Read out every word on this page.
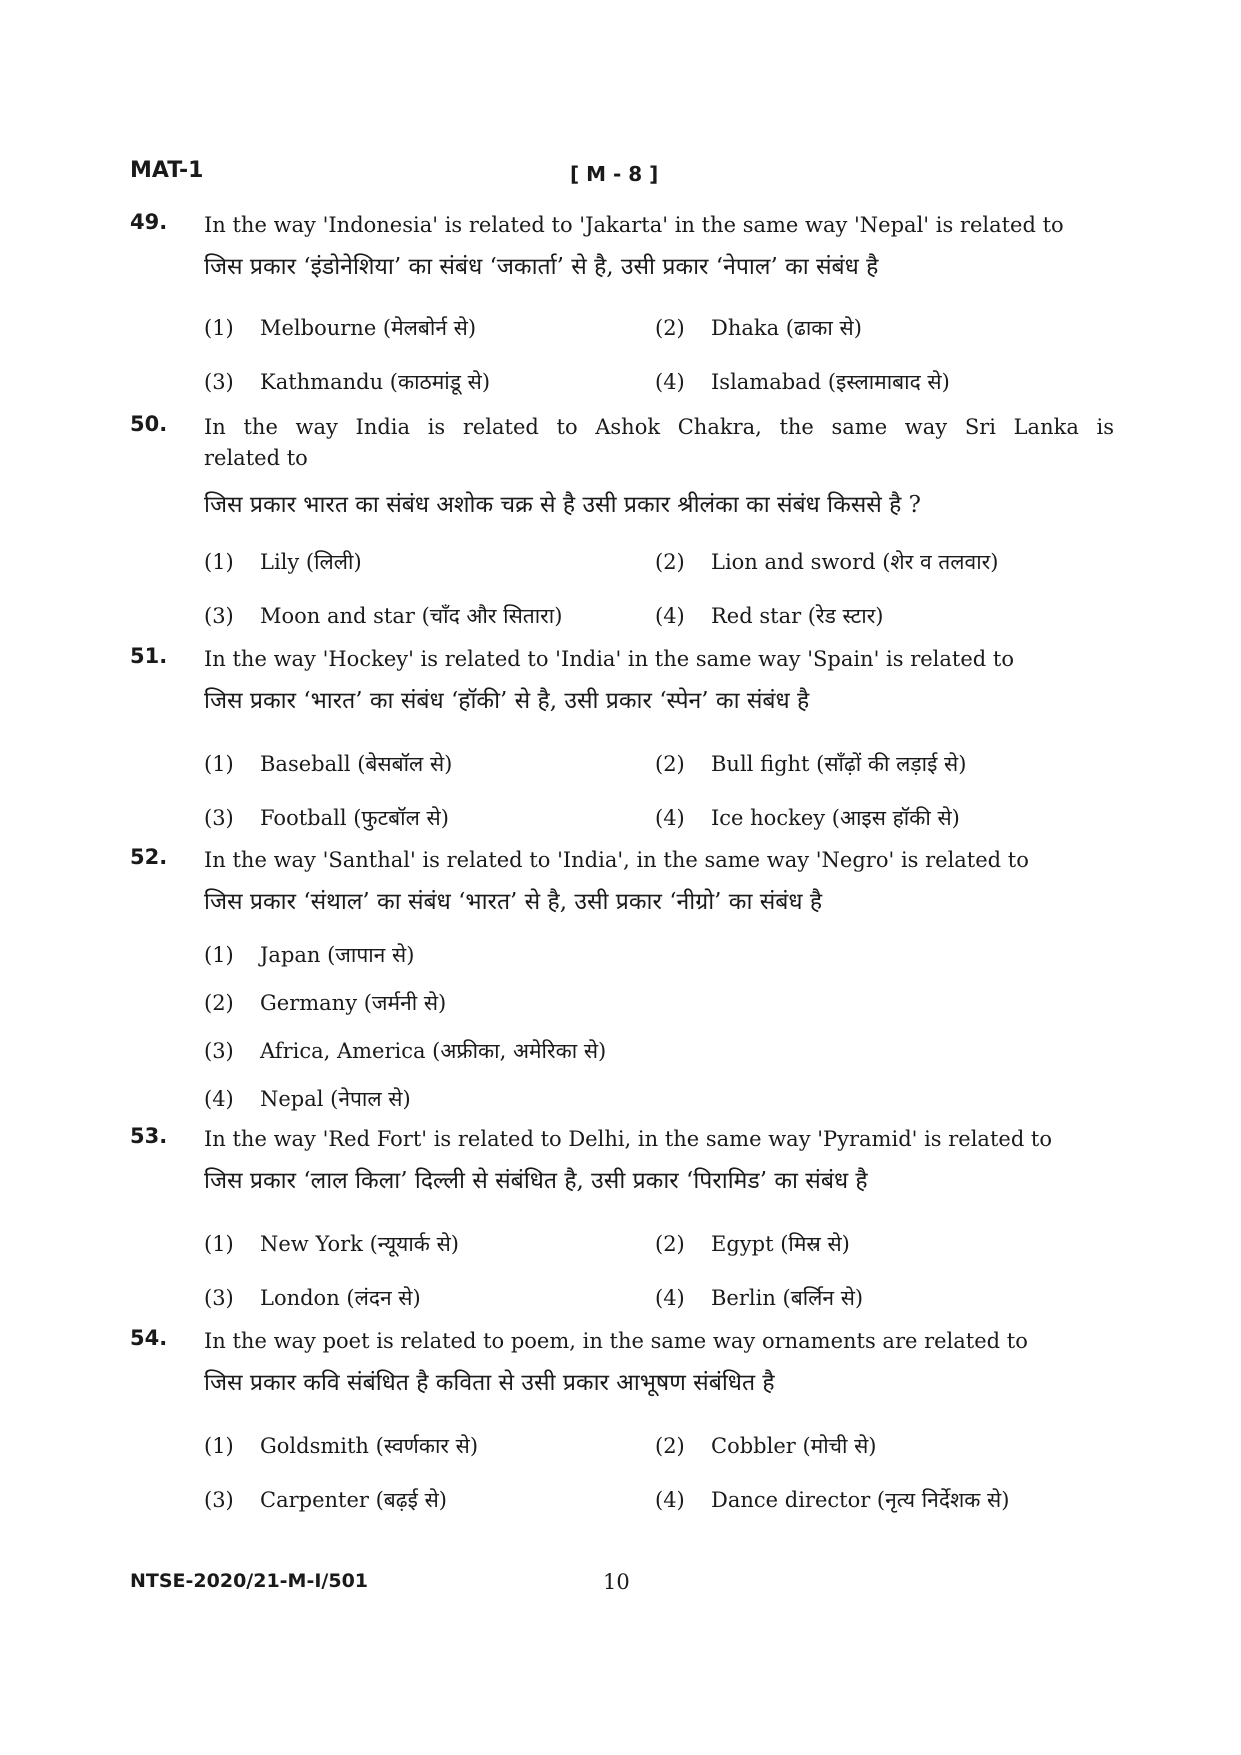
MAT-1	[ M - 8 ]
49. In the way 'Indonesia' is related to 'Jakarta' in the same way 'Nepal' is related to
जिस प्रकार ‘इंडोनेशिया’ का संबंध ‘जकार्ता’ से है, उसी प्रकार ‘नेपाल’ का संबंध है
(1) Melbourne (मेलबोर्न से)	(2) Dhaka (ढाका से)
(3) Kathmandu (काठमांडू से)	(4) Islamabad (इस्लामाबाद से)
50. In the way India is related to Ashok Chakra, the same way Sri Lanka is
related to
जिस प्रकार भारत का संबंध अशोक चक्र से है उसी प्रकार श्रीलंका का संबंध किससे है ?
(1) Lily (लिली)	(2) Lion and sword (शेर व तलवार)
(3) Moon and star (चाँद और सितारा)	(4) Red star (रेड स्टार)
51. In the way 'Hockey' is related to 'India' in the same way 'Spain' is related to
जिस प्रकार ‘भारत’ का संबंध ‘हॉकी’ से है, उसी प्रकार ‘स्पेन’ का संबंध है
(1) Baseball (बेसबॉल से)	(2) Bull fight (साँढ़ों की लड़ाई से)
(3) Football (फुटबॉल से)	(4) Ice hockey (आइस हॉकी से)
52. In the way 'Santhal' is related to 'India', in the same way 'Negro' is related to
जिस प्रकार ‘संथाल’ का संबंध ‘भारत’ से है, उसी प्रकार ‘नीग्रो’ का संबंध है
(1) Japan (जापान से)
(2) Germany (जर्मनी से)
(3) Africa, America (अफ्रीका, अमेरिका से)
(4) Nepal (नेपाल से)
53. In the way 'Red Fort' is related to Delhi, in the same way 'Pyramid' is related to
जिस प्रकार ‘लाल किला’ दिल्ली से संबंधित है, उसी प्रकार ‘पिरामिड’ का संबंध है
(1) New York (न्यूयार्क से)	(2) Egypt (मिस्र से)
(3) London (लंदन से)	(4) Berlin (बर्लिन से)
54. In the way poet is related to poem, in the same way ornaments are related to
जिस प्रकार कवि संबंधित है कविता से उसी प्रकार आभूषण संबंधित है
(1) Goldsmith (स्वर्णकार से)	(2) Cobbler (मोची से)
(3) Carpenter (बढ़ई से)	(4) Dance director (नृत्य निर्देशक से)
NTSE-2020/21-M-I/501	10
